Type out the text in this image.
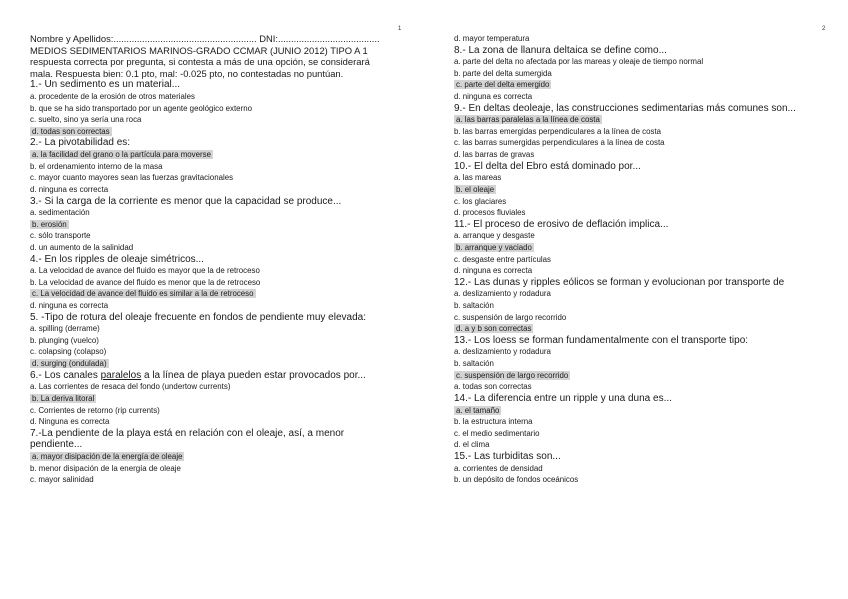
1
Nombre y Apellidos:....................................................... DNI:.......................................
MEDIOS SEDIMENTARIOS MARINOS-GRADO CCMAR (JUNIO 2012) TIPO A 1
respuesta correcta por pregunta, si contesta a más de una opción, se considerará
mala. Respuesta bien: 0.1 pto, mal: -0.025 pto, no contestadas no puntúan.
1.- Un sedimento es un material...
a. procedente de la erosión de otros materiales
b. que se ha sido transportado por un agente geológico externo
c. suelto, sino ya sería una roca
d. todas son correctas
2.- La pivotabilidad es:
a. la facilidad del grano o la partícula para moverse
b. el ordenamiento interno de la masa
c. mayor cuanto mayores sean las fuerzas gravitacionales
d. ninguna es correcta
3.- Si la carga de la corriente es menor que la capacidad se produce...
a. sedimentación
b. erosión
c. sólo transporte
d. un aumento de la salinidad
4.- En los ripples de oleaje simétricos...
a. La velocidad de avance del fluido es mayor que la de retroceso
b. La velocidad de avance del fluido es menor que la de retroceso
c. La velocidad de avance del fluido es similar a la de retroceso
d. ninguna es correcta
5. -Tipo de rotura del oleaje frecuente en fondos de pendiente muy elevada:
a. spilling (derrame)
b. plunging (vuelco)
c. colapsing (colapso)
d. surging (ondulada)
6.- Los canales paralelos a la línea de playa pueden estar provocados por...
a. Las corrientes de resaca del fondo (undertow currents)
b. La deriva litoral
c. Corrientes de retorno (rip currents)
d. Ninguna es correcta
7.-La pendiente de la playa está en relación con el oleaje, así, a menor
pendiente...
a. mayor disipación de la energía de oleaje
b. menor disipación de la energía de oleaje
c. mayor salinidad
2
d. mayor temperatura
8.- La zona de llanura deltaica se define como...
a. parte del delta no afectada por las mareas y oleaje de tiempo normal
b. parte del delta sumergida
c. parte del delta emergido
d. ninguna es correcta
9.- En deltas deoleaje, las construcciones sedimentarias más comunes son...
a. las barras paralelas a la línea de costa
b. las barras emergidas perpendiculares a la línea de costa
c. las barras sumergidas perpendiculares a la línea de costa
d. las barras de gravas
10.- El delta del Ebro está dominado por...
a. las mareas
b. el oleaje
c. los glaciares
d. procesos fluviales
11.- El proceso de erosivo de deflación implica...
a. arranque y desgaste
b. arranque y vaciado
c. desgaste entre partículas
d. ninguna es correcta
12.- Las dunas y ripples eólicos se forman y evolucionan por transporte de
a. deslizamiento y rodadura
b. saltación
c. suspensión de largo recorrido
d. a y b son correctas
13.- Los loess se forman fundamentalmente con el transporte tipo:
a. deslizamiento y rodadura
b. saltación
c. suspensión de largo recorrido
a. todas son correctas
14.- La diferencia entre un ripple y una duna es...
a. el tamaño
b. la estructura interna
c. el medio sedimentario
d. el clima
15.- Las turbiditas son...
a. corrientes de densidad
b. un depósito de fondos oceánicos
